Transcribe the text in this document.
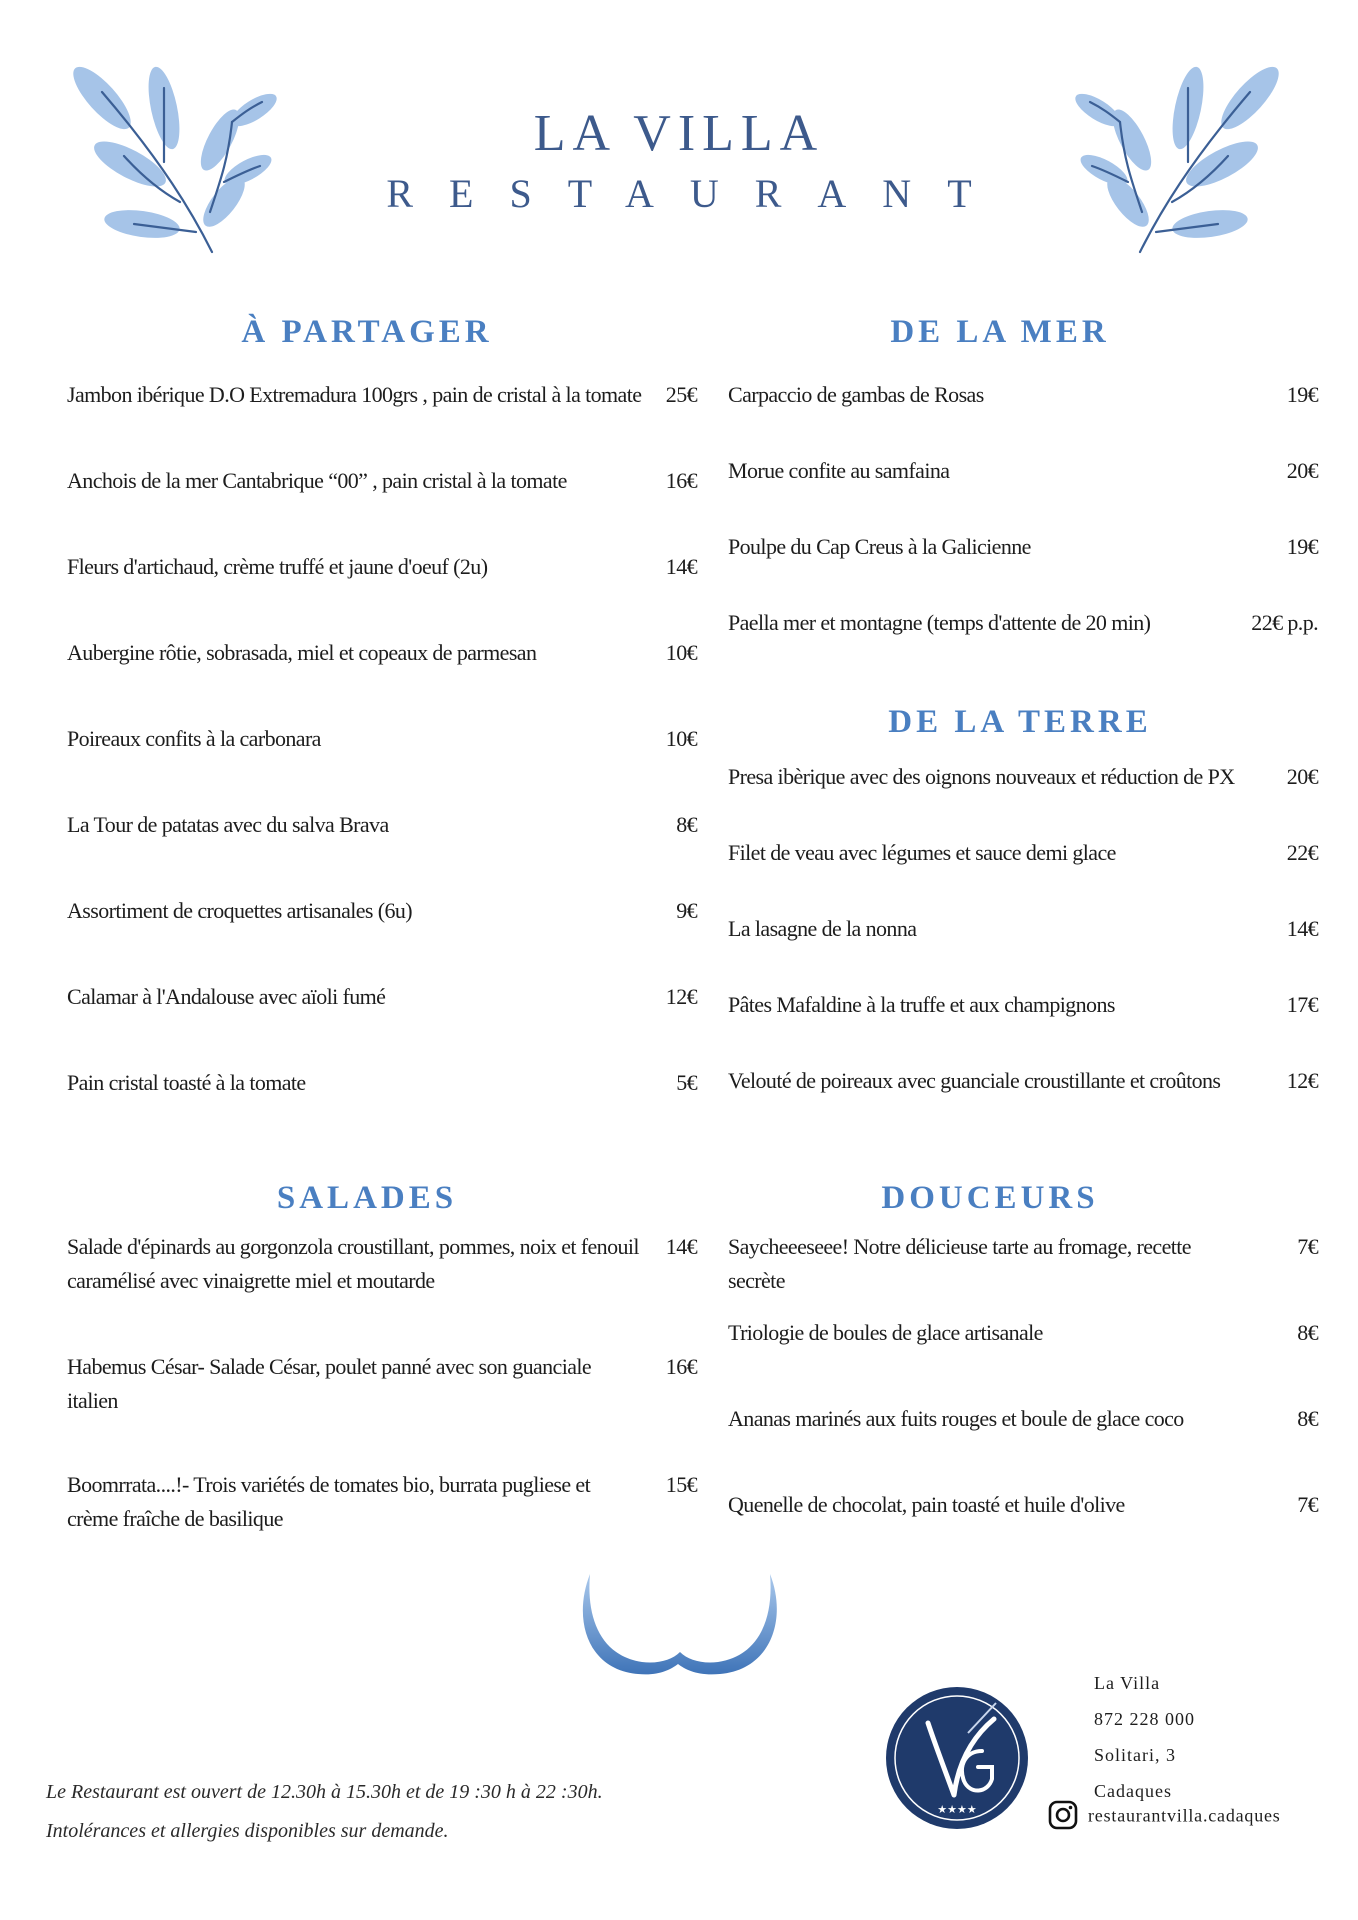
LA VILLA
RESTAURANT
À PARTAGER
Jambon ibérique D.O Extremadura 100grs , pain de cristal à la tomate	25€
Anchois de la mer Cantabrique “00” , pain cristal à la tomate	16€
Fleurs d'artichaud, crème truffé et jaune d'oeuf (2u)	14€
Aubergine rôtie, sobrasada, miel et copeaux de parmesan	10€
Poireaux confits à la carbonara	10€
La Tour de patatas avec du salva Brava	8€
Assortiment de croquettes artisanales (6u)	9€
Calamar à l'Andalouse avec aïoli fumé	12€
Pain cristal toasté à la tomate	5€
SALADES
Salade d'épinards au gorgonzola croustillant, pommes, noix et fenouil caramélisé avec vinaigrette miel et moutarde
14€
Habemus César- Salade César, poulet panné avec son guanciale italien
16€
Boomrrata....!- Trois variétés de tomates bio, burrata pugliese et crème fraîche de basilique
15€
DE LA MER
Carpaccio de gambas de Rosas	19€
Morue confite au samfaina	20€
Poulpe du Cap Creus à la Galicienne	19€
Paella mer et montagne (temps d'attente de 20 min)	22€ p.p.
DE LA TERRE
Presa ibèrique avec des oignons nouveaux et réduction de PX	20€
Filet de veau avec légumes et sauce demi glace	22€
La lasagne de la nonna	14€
Pâtes Mafaldine à la truffe et aux champignons	17€
Velouté de poireaux avec guanciale croustillante et croûtons	12€
DOUCEURS
Saycheeeseee! Notre délicieuse tarte au fromage, recette secrète
7€
Triologie de boules de glace artisanale	8€
Ananas marinés aux fuits rouges et boule de glace coco	8€
Quenelle de chocolat, pain toasté et huile d'olive	7€
Le Restaurant est ouvert de 12.30h à 15.30h et de 19 :30 h à 22 :30h.
Intolérances et allergies disponibles sur demande.
★★★★
La Villa
872 228 000
Solitari, 3
Cadaques
restaurantvilla.cadaques
